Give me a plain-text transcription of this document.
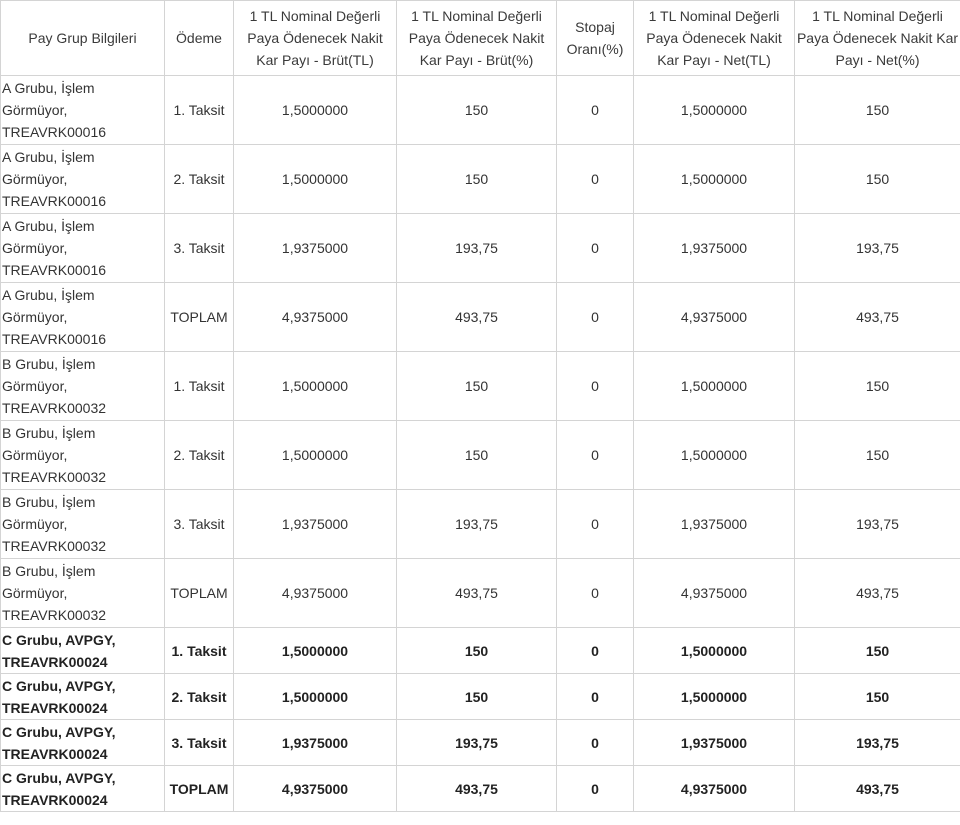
Pay Grup Bilgileri	Ödeme	1 TL Nominal Değerli Paya Ödenecek Nakit Kar Payı - Brüt(TL)	1 TL Nominal Değerli Paya Ödenecek Nakit Kar Payı - Brüt(%)	Stopaj Oranı(%)	1 TL Nominal Değerli Paya Ödenecek Nakit Kar Payı - Net(TL)	1 TL Nominal Değerli Paya Ödenecek Nakit Kar Payı - Net(%)
A Grubu, İşlem Görmüyor, TREAVRK00016	1. Taksit	1,5000000	150	0	1,5000000	150
A Grubu, İşlem Görmüyor, TREAVRK00016	2. Taksit	1,5000000	150	0	1,5000000	150
A Grubu, İşlem Görmüyor, TREAVRK00016	3. Taksit	1,9375000	193,75	0	1,9375000	193,75
A Grubu, İşlem Görmüyor, TREAVRK00016	TOPLAM	4,9375000	493,75	0	4,9375000	493,75
B Grubu, İşlem Görmüyor, TREAVRK00032	1. Taksit	1,5000000	150	0	1,5000000	150
B Grubu, İşlem Görmüyor, TREAVRK00032	2. Taksit	1,5000000	150	0	1,5000000	150
B Grubu, İşlem Görmüyor, TREAVRK00032	3. Taksit	1,9375000	193,75	0	1,9375000	193,75
B Grubu, İşlem Görmüyor, TREAVRK00032	TOPLAM	4,9375000	493,75	0	4,9375000	493,75
C Grubu, AVPGY, TREAVRK00024	1. Taksit	1,5000000	150	0	1,5000000	150
C Grubu, AVPGY, TREAVRK00024	2. Taksit	1,5000000	150	0	1,5000000	150
C Grubu, AVPGY, TREAVRK00024	3. Taksit	1,9375000	193,75	0	1,9375000	193,75
C Grubu, AVPGY, TREAVRK00024	TOPLAM	4,9375000	493,75	0	4,9375000	493,75
